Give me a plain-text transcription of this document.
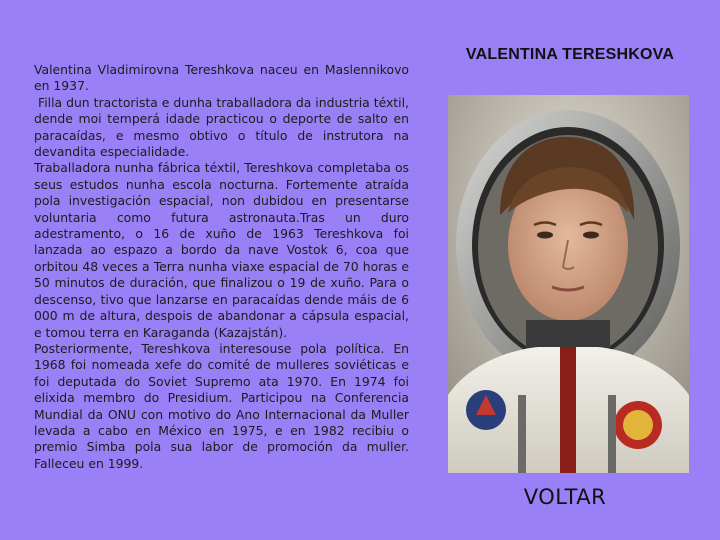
Valentina Vladimirovna Tereshkova naceu en Maslennikovo en 1937.

Filla dun tractorista e dunha traballadora da industria téxtil, dende moi temperá idade practicou o deporte de salto en paracaídas, e mesmo obtivo o título de instrutora na devandita especialidade.

Traballadora nunha fábrica téxtil, Tereshkova completaba os seus estudos nunha escola nocturna. Fortemente atraída pola investigación espacial, non dubidou en presentarse voluntaria como futura astronauta.Tras un duro adestramento, o 16 de xuño de 1963 Tereshkova foi lanzada ao espazo a bordo da nave Vostok 6, coa que orbitou 48 veces a Terra nunha viaxe espacial de 70 horas e 50 minutos de duración, que finalizou o 19 de xuño. Para o descenso, tivo que lanzarse en paracaídas dende máis de 6 000 m de altura, despois de abandonar a cápsula espacial, e tomou terra en Karaganda (Kazajstán).

Posteriormente, Tereshkova interesouse pola política. En 1968 foi nomeada xefe do comité de mulleres soviéticas e foi deputada do Soviet Supremo ata 1970. En 1974 foi elixida membro do Presidium. Participou na Conferencia Mundial da ONU con motivo do Ano Internacional da Muller levada a cabo en México en 1975, e en 1982 recibiu o premio Simba pola sua labor de promoción da muller. Falleceu en 1999.

VALENTINA TERESHKOVA
VOLTAR
